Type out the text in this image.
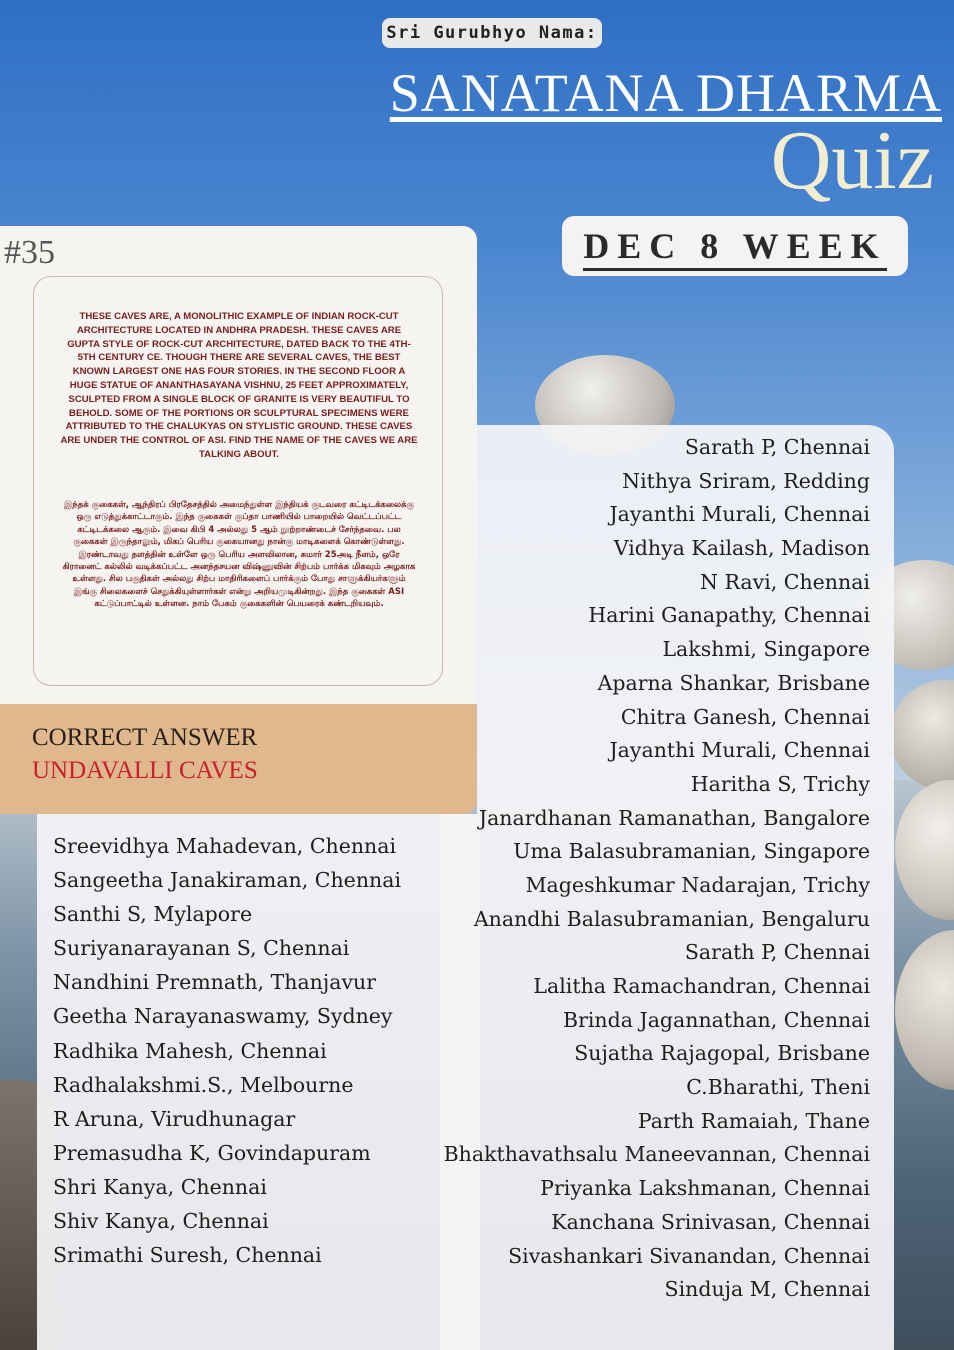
Sri Gurubhyo Nama:
SANATANA DHARMA
Quiz
DEC 8 WEEK
#35
THESE CAVES ARE, A MONOLITHIC EXAMPLE OF INDIAN ROCK-CUT ARCHITECTURE LOCATED IN ANDHRA PRADESH. THESE CAVES ARE GUPTA STYLE OF ROCK-CUT ARCHITECTURE, DATED BACK TO THE 4TH-5TH CENTURY CE. THOUGH THERE ARE SEVERAL CAVES, THE BEST KNOWN LARGEST ONE HAS FOUR STORIES. IN THE SECOND FLOOR A HUGE STATUE OF ANANTHASAYANA VISHNU, 25 FEET APPROXIMATELY, SCULPTED FROM A SINGLE BLOCK OF GRANITE IS VERY BEAUTIFUL TO BEHOLD. SOME OF THE PORTIONS OR SCULPTURAL SPECIMENS WERE ATTRIBUTED TO THE CHALUKYAS ON STYLISTIC GROUND. THESE CAVES ARE UNDER THE CONTROL OF ASI. FIND THE NAME OF THE CAVES WE ARE TALKING ABOUT.
இந்தக் குகைகள், ஆந்திரப் பிரதேசத்தில் அமைந்துள்ள இந்தியக் குடவரை கட்டிடக்கலைக்கு ஒரு எடுத்துக்காட்டாகும். இந்த குகைகள் குப்தா பாணியில் பாறையில் வெட்டப்பட்ட கட்டிடக்கலை ஆகும். இவை கிபி 4 அல்லது 5 ஆம் நூற்றாண்டைச் சேர்ந்தவை. பல குகைகள் இருந்தாலும், மிகப் பெரிய குகையானது நான்கு மாடிகளைக் கொண்டுள்ளது. இரண்டாவது தளத்தின் உள்ளே ஒரு பெரிய அளவிலான, சுமார் 25அடி நீளம், ஒரே கிரானைட் கல்லில் வடிக்கப்பட்ட அனந்தசயன விஷ்ணுவின் சிற்பம் பார்க்க மிகவும் அழகாக உள்ளது. சில பகுதிகள் அல்லது சிற்ப மாதிரிகளைப் பார்க்கும் போது சாளுக்கியர்களும் இங்கு சிலைகளைச் செதுக்கியுள்ளார்கள் என்று அறியமுடிகின்றது. இந்த குகைகள் ASI கட்டுப்பாட்டில் உள்ளன. நாம் பேசும் குகைகளின் பெயரைக் கண்டறியவும்.
CORRECT ANSWER
UNDAVALLI CAVES
Sarath P, Chennai
Nithya Sriram, Redding
Jayanthi Murali, Chennai
Vidhya Kailash, Madison
N Ravi, Chennai
Harini Ganapathy, Chennai
Lakshmi, Singapore
Aparna Shankar, Brisbane
Chitra Ganesh, Chennai
Jayanthi Murali, Chennai
Haritha S, Trichy
Janardhanan Ramanathan, Bangalore
Uma Balasubramanian, Singapore
Mageshkumar Nadarajan, Trichy
Anandhi Balasubramanian, Bengaluru
Sarath P, Chennai
Lalitha Ramachandran, Chennai
Brinda Jagannathan, Chennai
Sujatha Rajagopal, Brisbane
C.Bharathi, Theni
Parth Ramaiah, Thane
Bhakthavathsalu Maneevannan, Chennai
Priyanka Lakshmanan, Chennai
Kanchana Srinivasan, Chennai
Sivashankari Sivanandan, Chennai
Sinduja M, Chennai
Sreevidhya Mahadevan, Chennai
Sangeetha Janakiraman, Chennai
Santhi S, Mylapore
Suriyanarayanan S, Chennai
Nandhini Premnath, Thanjavur
Geetha Narayanaswamy, Sydney
Radhika Mahesh, Chennai
Radhalakshmi.S., Melbourne
R Aruna, Virudhunagar
Premasudha K, Govindapuram
Shri Kanya, Chennai
Shiv Kanya, Chennai
Srimathi Suresh, Chennai
